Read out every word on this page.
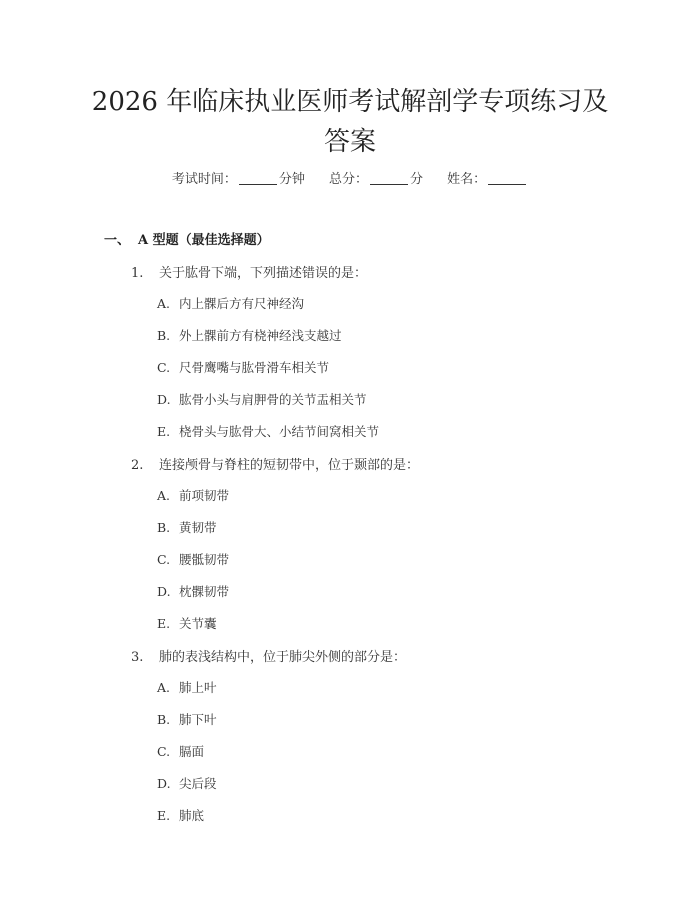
2026 年临床执业医师考试解剖学专项练习及
答案
考试时间：	分钟 总分：	分 姓名：
一、 A 型题（最佳选择题）
1. 关于肱骨下端，下列描述错误的是：
A. 内上髁后方有尺神经沟
B. 外上髁前方有桡神经浅支越过
C. 尺骨鹰嘴与肱骨滑车相关节
D. 肱骨小头与肩胛骨的关节盂相关节
E. 桡骨头与肱骨大、小结节间窝相关节
2. 连接颅骨与脊柱的短韧带中，位于颞部的是：
A. 前项韧带
B. 黄韧带
C. 腰骶韧带
D. 枕髁韧带
E. 关节囊
3. 肺的表浅结构中，位于肺尖外侧的部分是：
A. 肺上叶
B. 肺下叶
C. 膈面
D. 尖后段
E. 肺底
